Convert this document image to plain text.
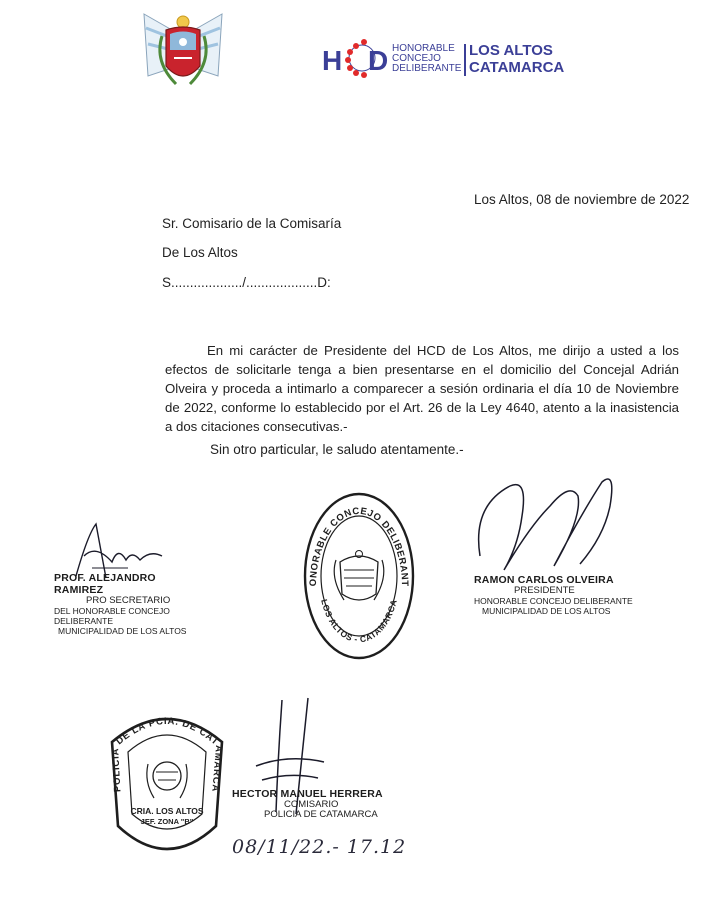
H D HONORABLE
CONCEJO
DELIBERANTE
LOS ALTOS
CATAMARCA
Los Altos, 08 de noviembre de 2022
Sr. Comisario de la Comisaría
De Los Altos
S.................../...................D:
En mi carácter de Presidente del HCD de Los Altos, me dirijo a usted a los efectos de solicitarle tenga a bien presentarse en el domicilio del Concejal Adrián Olveira y proceda a intimarlo a comparecer a sesión ordinaria el día 10 de Noviembre de 2022, conforme lo establecido por el Art. 26 de la Ley 4640, atento a la inasistencia a dos citaciones consecutivas.-
Sin otro particular, le saludo atentamente.-
PROF. ALEJANDRO RAMIREZ
PRO SECRETARIO
DEL HONORABLE CONCEJO DELIBERANTE
MUNICIPALIDAD DE LOS ALTOS
ONORABLE CONCEJO DELIBERANT
LOS ALTOS - CATAMARCA
RAMON CARLOS OLVEIRA
PRESIDENTE
HONORABLE CONCEJO DELIBERANTE
MUNICIPALIDAD DE LOS ALTOS
POLICIA DE LA PCIA. DE CATAMARCA
CRIA. LOS ALTOS
JEF. ZONA "B"
HECTOR MANUEL HERRERA
COMISARIO
POLICIA DE CATAMARCA
08/11/22.- 17.12
